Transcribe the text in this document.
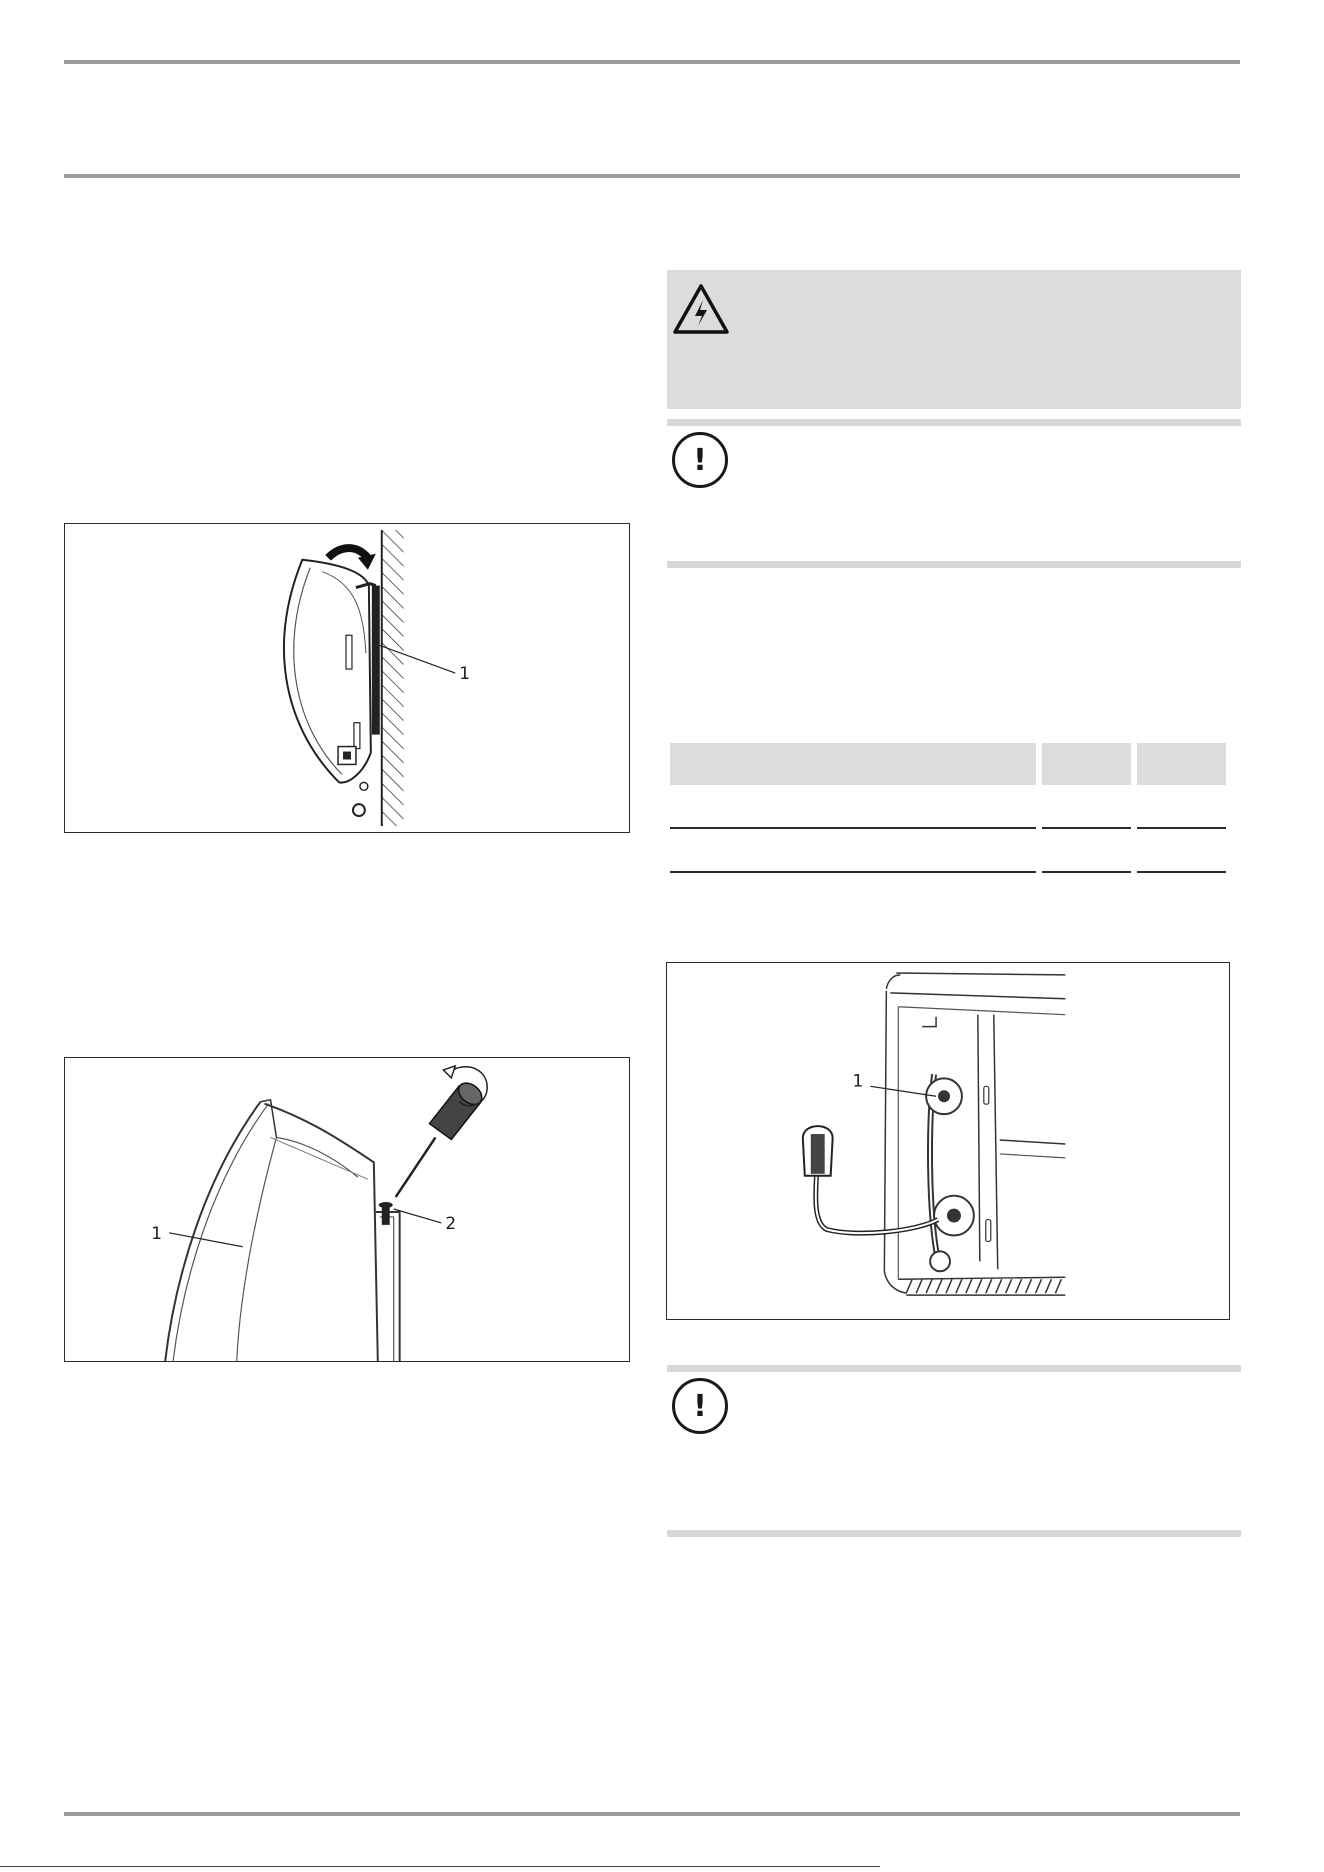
1
1	2
!
1
!
